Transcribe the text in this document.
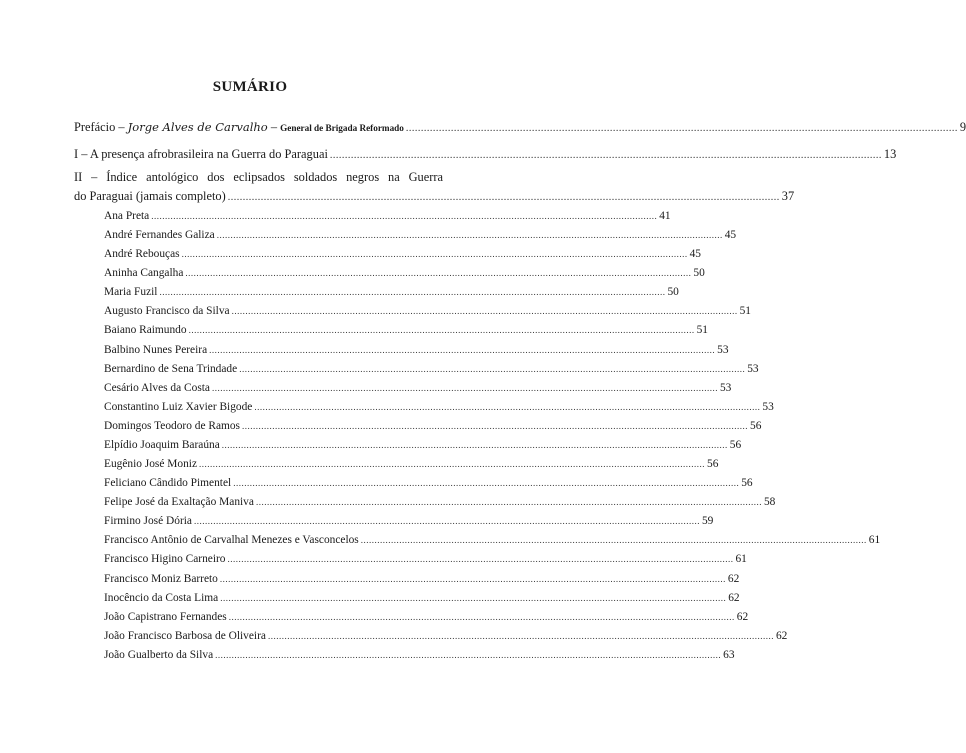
SUMÁRIO
Prefácio – Jorge Alves de Carvalho – General de Brigada Reformado .....	9
I – A presença afrobrasileira na Guerra do Paraguai .....	13
II – Índice antológico dos eclipsados soldados negros na Guerra
do Paraguai (jamais completo) .....	37
Ana Preta .....	41
André Fernandes Galiza .....	45
André Rebouças .....	45
Aninha Cangalha .....	50
Maria Fuzil .....	50
Augusto Francisco da Silva .....	51
Baiano Raimundo .....	51
Balbino Nunes Pereira .....	53
Bernardino de Sena Trindade .....	53
Cesário Alves da Costa .....	53
Constantino Luiz Xavier Bigode .....	53
Domingos Teodoro de Ramos .....	56
Elpídio Joaquim Baraúna .....	56
Eugênio José Moniz .....	56
Feliciano Cândido Pimentel .....	56
Felipe José da Exaltação Maniva .....	58
Firmino José Dória .....	59
Francisco Antônio de Carvalhal Menezes e Vasconcelos .....	61
Francisco Higino Carneiro .....	61
Francisco Moniz Barreto .....	62
Inocêncio da Costa Lima .....	62
João Capistrano Fernandes .....	62
João Francisco Barbosa de Oliveira .....	62
João Gualberto da Silva .....	63
